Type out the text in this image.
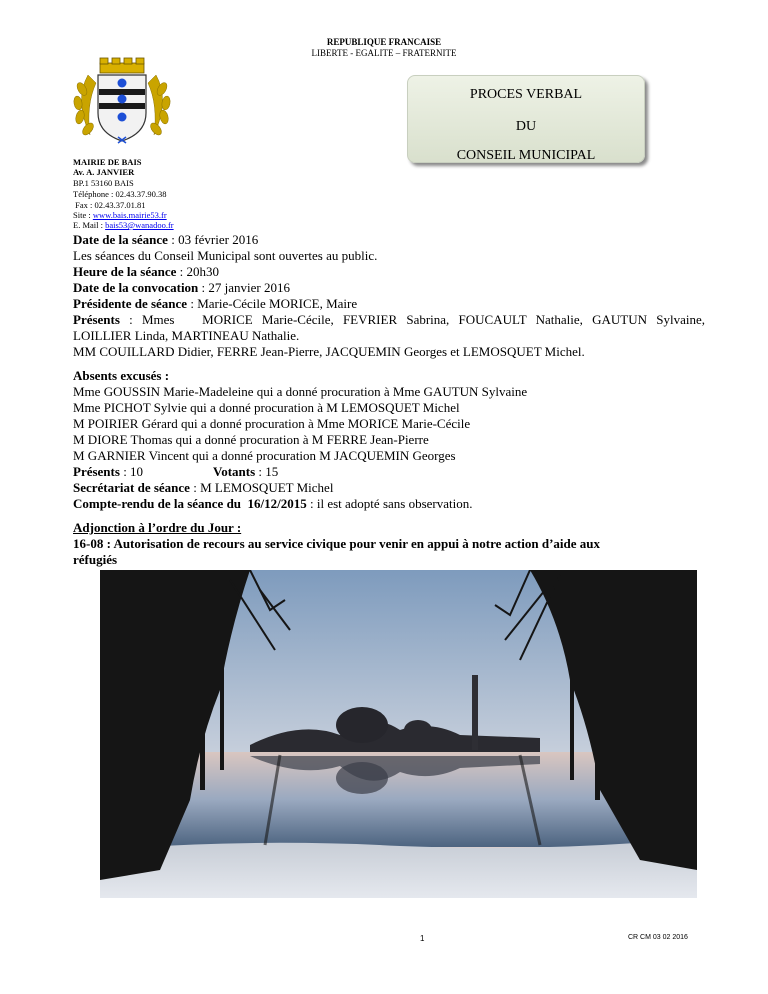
REPUBLIQUE FRANCAISE
LIBERTE - EGALITE – FRATERNITE
PROCES VERBAL
DU
CONSEIL MUNICIPAL
MAIRIE DE BAIS
Av. A. JANVIER
BP.1 53160 BAIS
Téléphone : 02.43.37.90.38
Fax : 02.43.37.01.81
Site : www.bais.mairie53.fr
E. Mail : bais53@wanadoo.fr
Date de la séance : 03 février 2016
Les séances du Conseil Municipal sont ouvertes au public.
Heure de la séance : 20h30
Date de la convocation : 27 janvier 2016
Présidente de séance : Marie-Cécile MORICE, Maire
Présents : Mmes   MORICE Marie-Cécile, FEVRIER Sabrina, FOUCAULT Nathalie, GAUTUN Sylvaine,
LOILLIER Linda, MARTINEAU Nathalie.
MM COUILLARD Didier, FERRE Jean-Pierre, JACQUEMIN Georges et LEMOSQUET Michel.
Absents excusés :
Mme GOUSSIN Marie-Madeleine qui a donné procuration à Mme GAUTUN Sylvaine
Mme PICHOT Sylvie qui a donné procuration à M LEMOSQUET Michel
M POIRIER Gérard qui a donné procuration à Mme MORICE Marie-Cécile
M DIORE Thomas qui a donné procuration à M FERRE Jean-Pierre
M GARNIER Vincent qui a donné procuration M JACQUEMIN Georges
Présents : 10	Votants : 15
Secrétariat de séance : M LEMOSQUET Michel
Compte-rendu de la séance du  16/12/2015 : il est adopté sans observation.
Adjonction à l’ordre du Jour :
16-08 : Autorisation de recours au service civique pour venir en appui à notre action d’aide aux
réfugiés
1	CR CM 03 02 2016
